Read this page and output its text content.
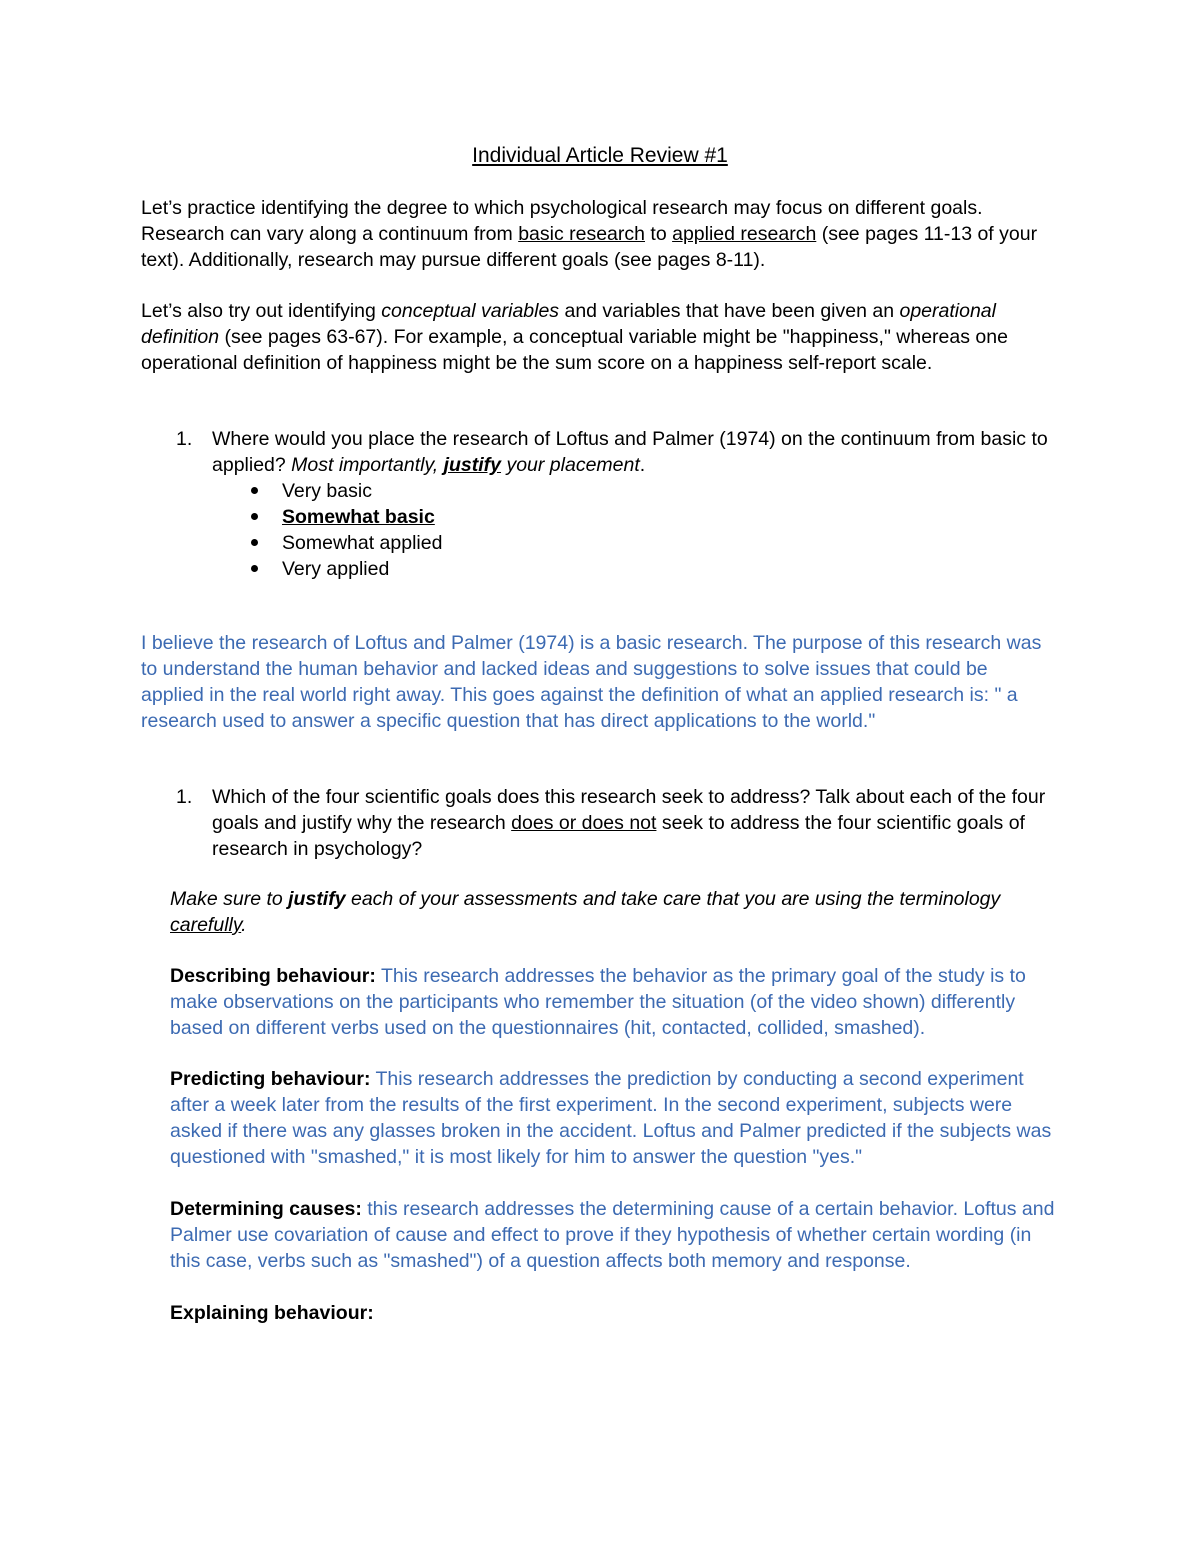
Individual Article Review #1

Let’s practice identifying the degree to which psychological research may focus on different goals.

Research can vary along a continuum from basic research to applied research (see pages 11-13 of your

text). Additionally, research may pursue different goals (see pages 8-11).

Let’s also try out identifying conceptual variables and variables that have been given an operational

definition (see pages 63-67). For example, a conceptual variable might be "happiness," whereas one

operational definition of happiness might be the sum score on a happiness self-report scale.

1. Where would you place the research of Loftus and Palmer (1974) on the continuum from basic to

applied? Most importantly, justify your placement.

Very basic

Somewhat basic

Somewhat applied

Very applied

I believe the research of Loftus and Palmer (1974) is a basic research. The purpose of this research was

to understand the human behavior and lacked ideas and suggestions to solve issues that could be

applied in the real world right away. This goes against the definition of what an applied research is: " a

research used to answer a specific question that has direct applications to the world."

1. Which of the four scientific goals does this research seek to address? Talk about each of the four

goals and justify why the research does or does not seek to address the four scientific goals of

research in psychology?

Make sure to justify each of your assessments and take care that you are using the terminology

carefully.

Describing behaviour: This research addresses the behavior as the primary goal of the study is to

make observations on the participants who remember the situation (of the video shown) differently

based on different verbs used on the questionnaires (hit, contacted, collided, smashed).

Predicting behaviour: This research addresses the prediction by conducting a second experiment

after a week later from the results of the first experiment. In the second experiment, subjects were

asked if there was any glasses broken in the accident. Loftus and Palmer predicted if the subjects was

questioned with "smashed," it is most likely for him to answer the question "yes."

Determining causes: this research addresses the determining cause of a certain behavior. Loftus and

Palmer use covariation of cause and effect to prove if they hypothesis of whether certain wording (in

this case, verbs such as "smashed") of a question affects both memory and response.

Explaining behaviour:
